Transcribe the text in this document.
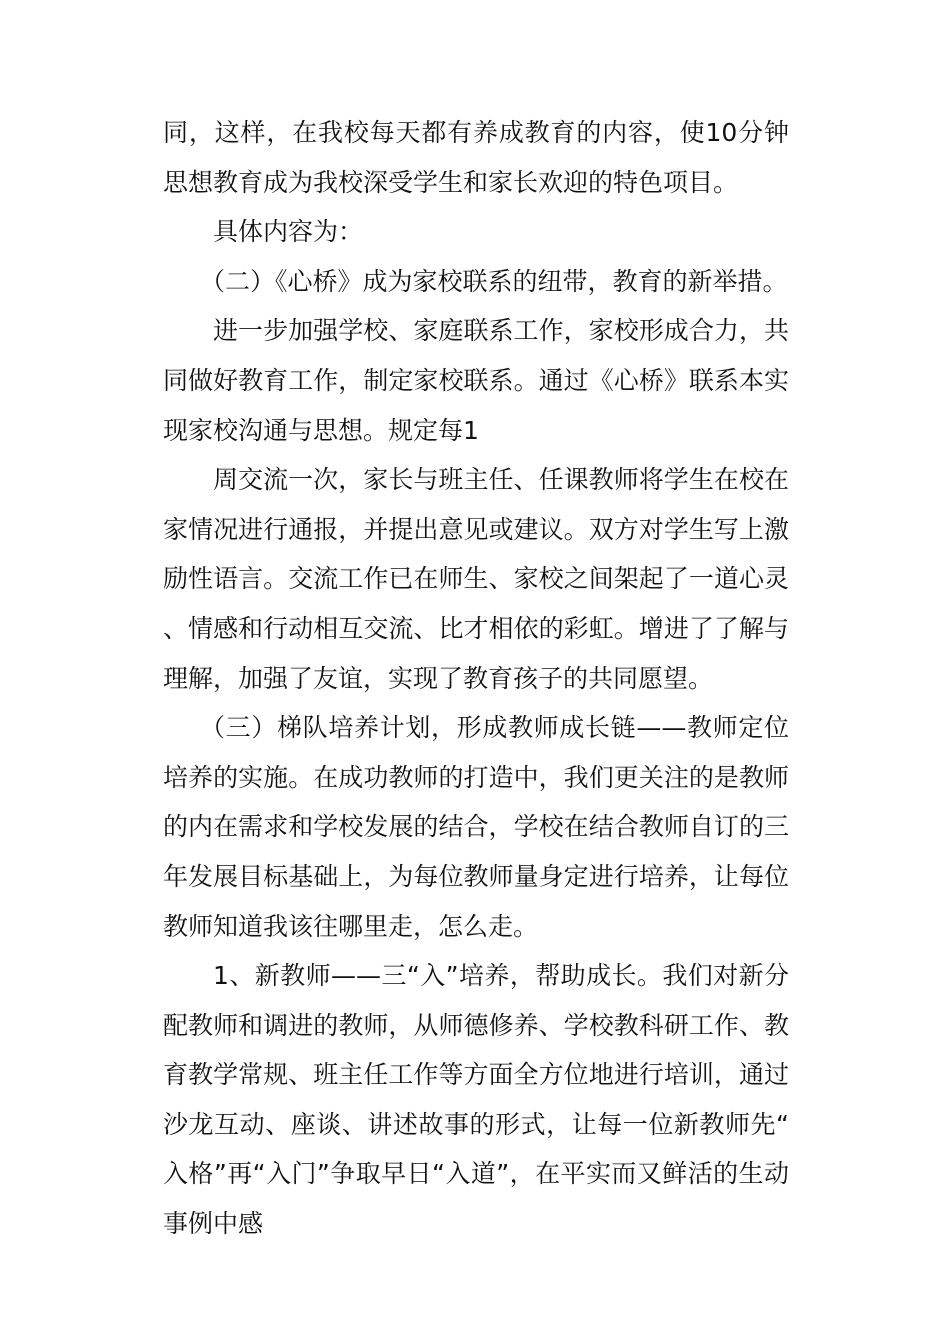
同，这样，在我校每天都有养成教育的内容，使10分钟思想教育成为我校深受学生和家长欢迎的特色项目。

具体内容为：

（二）《心桥》成为家校联系的纽带，教育的新举措。

进一步加强学校、家庭联系工作，家校形成合力，共同做好教育工作，制定家校联系。通过《心桥》联系本实现家校沟通与思想。规定每1

周交流一次，家长与班主任、任课教师将学生在校在家情况进行通报，并提出意见或建议。双方对学生写上激励性语言。交流工作已在师生、家校之间架起了一道心灵、情感和行动相互交流、比才相依的彩虹。增进了了解与理解，加强了友谊，实现了教育孩子的共同愿望。

（三）梯队培养计划，形成教师成长链——教师定位培养的实施。在成功教师的打造中，我们更关注的是教师的内在需求和学校发展的结合，学校在结合教师自订的三年发展目标基础上，为每位教师量身定进行培养，让每位教师知道我该往哪里走，怎么走。

1、新教师——三“入”培养，帮助成长。我们对新分配教师和调进的教师，从师德修养、学校教科研工作、教育教学常规、班主任工作等方面全方位地进行培训，通过沙龙互动、座谈、讲述故事的形式，让每一位新教师先“入格”再“入门”争取早日“入道”，在平实而又鲜活的生动事例中感
